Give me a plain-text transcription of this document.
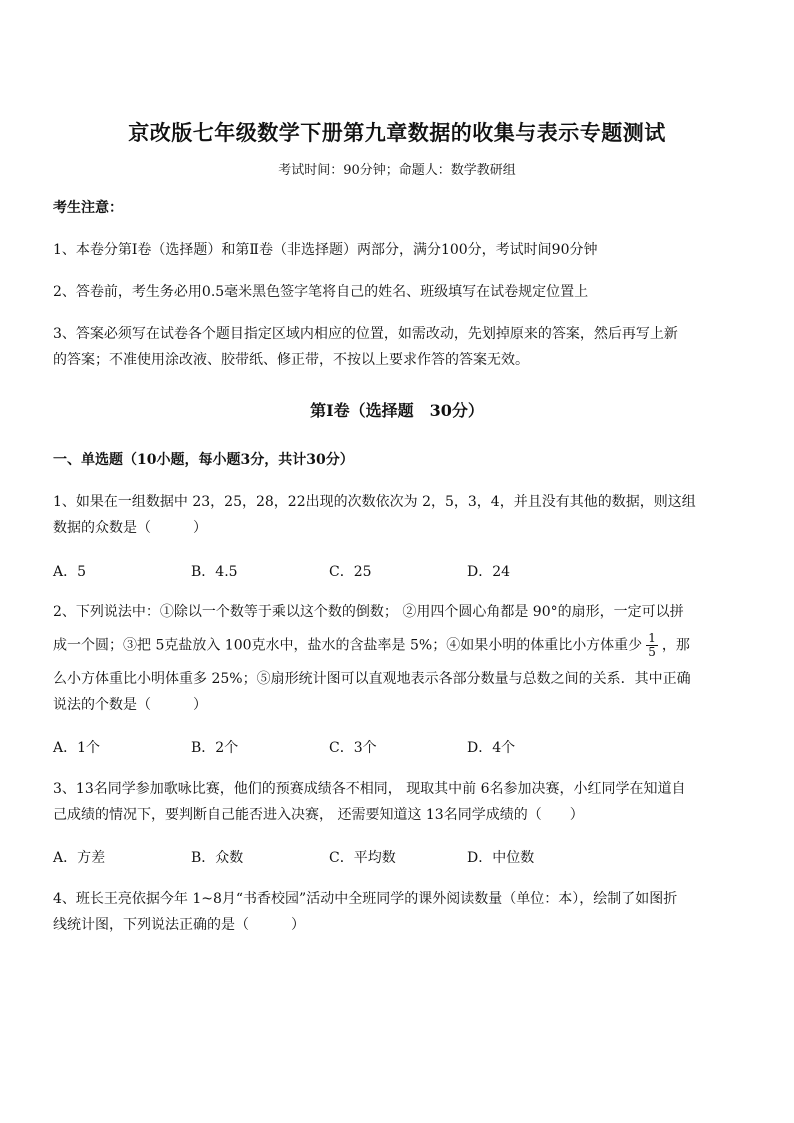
京改版七年级数学下册第九章数据的收集与表示专题测试
考试时间：90分钟；命题人：数学教研组
考生注意：
1、本卷分第Ⅰ卷（选择题）和第Ⅱ卷（非选择题）两部分，满分100分，考试时间90分钟
2、答卷前，考生务必用0.5毫米黑色签字笔将自己的姓名、班级填写在试卷规定位置上
3、答案必须写在试卷各个题目指定区域内相应的位置，如需改动，先划掉原来的答案，然后再写上新
的答案；不准使用涂改液、胶带纸、修正带，不按以上要求作答的答案无效。
第Ⅰ卷（选择题　30分）
一、单选题（10小题，每小题3分，共计30分）
1、如果在一组数据中 23，25，28，22出现的次数依次为 2，5，3，4，并且没有其他的数据，则这组
数据的众数是（　　　）
A．5	B．4.5	C．25	D．24
2、下列说法中：①除以一个数等于乘以这个数的倒数； ②用四个圆心角都是 90°的扇形，一定可以拼
成一个圆；③把 5克盐放入 100克水中，盐水的含盐率是 5%；④如果小明的体重比小方体重少 $\frac{1}{5}$ ，那
么小方体重比小明体重多 25%；⑤扇形统计图可以直观地表示各部分数量与总数之间的关系．其中正确
说法的个数是（　　　）
A．1个	B．2个	C．3个	D．4个
3、13名同学参加歌咏比赛，他们的预赛成绩各不相同， 现取其中前 6名参加决赛，小红同学在知道自
己成绩的情况下，要判断自己能否进入决赛， 还需要知道这 13名同学成绩的（　　）
A．方差	B．众数	C．平均数	D．中位数
4、班长王亮依据今年 1~8月“书香校园”活动中全班同学的课外阅读数量（单位：本），绘制了如图折
线统计图，下列说法正确的是（　　　）
